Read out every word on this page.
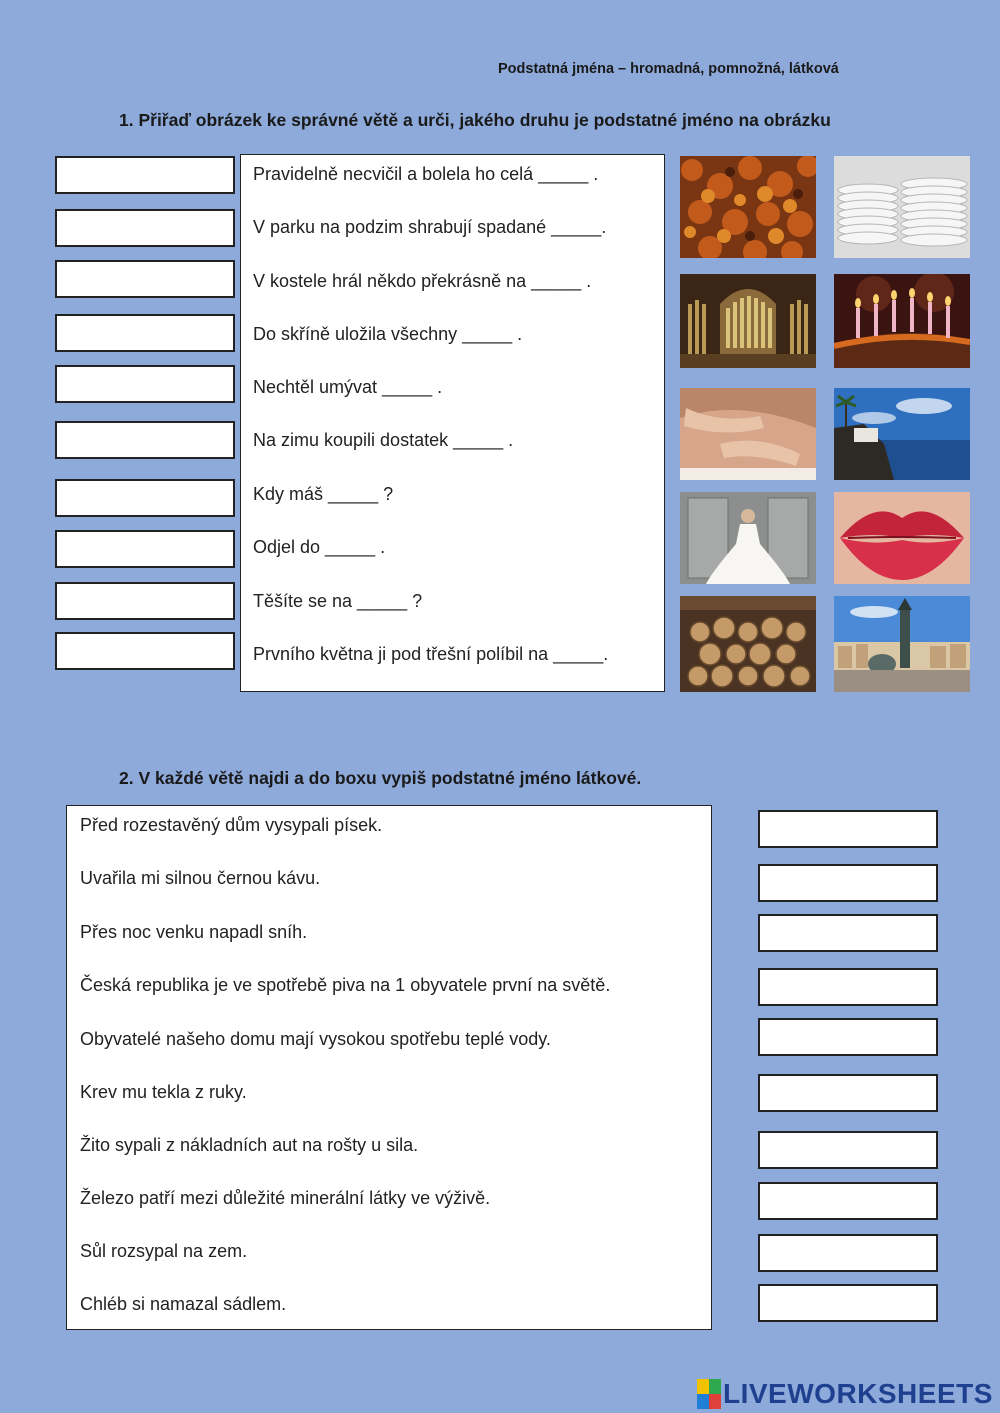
Podstatná jména – hromadná, pomnožná, látková
1. Přiřaď obrázek ke správné větě a urči, jakého druhu je podstatné jméno na obrázku
Pravidelně necvičil a bolela ho celá _____ .
V parku na podzim shrabují spadané _____.
V kostele hrál někdo překrásně na _____ .
Do skříně uložila všechny _____ .
Nechtěl umývat _____ .
Na zimu koupili dostatek _____ .
Kdy máš _____ ?
Odjel do _____ .
Těšíte se na _____ ?
Prvního května ji pod třešní políbil na _____.
2. V každé větě najdi a do boxu vypiš podstatné jméno látkové.
Před rozestavěný dům vysypali písek.
Uvařila mi silnou černou kávu.
Přes noc venku napadl sníh.
Česká republika je ve spotřebě piva na 1 obyvatele první na světě.
Obyvatelé našeho domu mají vysokou spotřebu teplé vody.
Krev mu tekla z ruky.
Žito sypali z nákladních aut na rošty u sila.
Železo patří mezi důležité minerální látky ve výživě.
Sůl rozsypal na zem.
Chléb si namazal sádlem.
LIVEWORKSHEETS
